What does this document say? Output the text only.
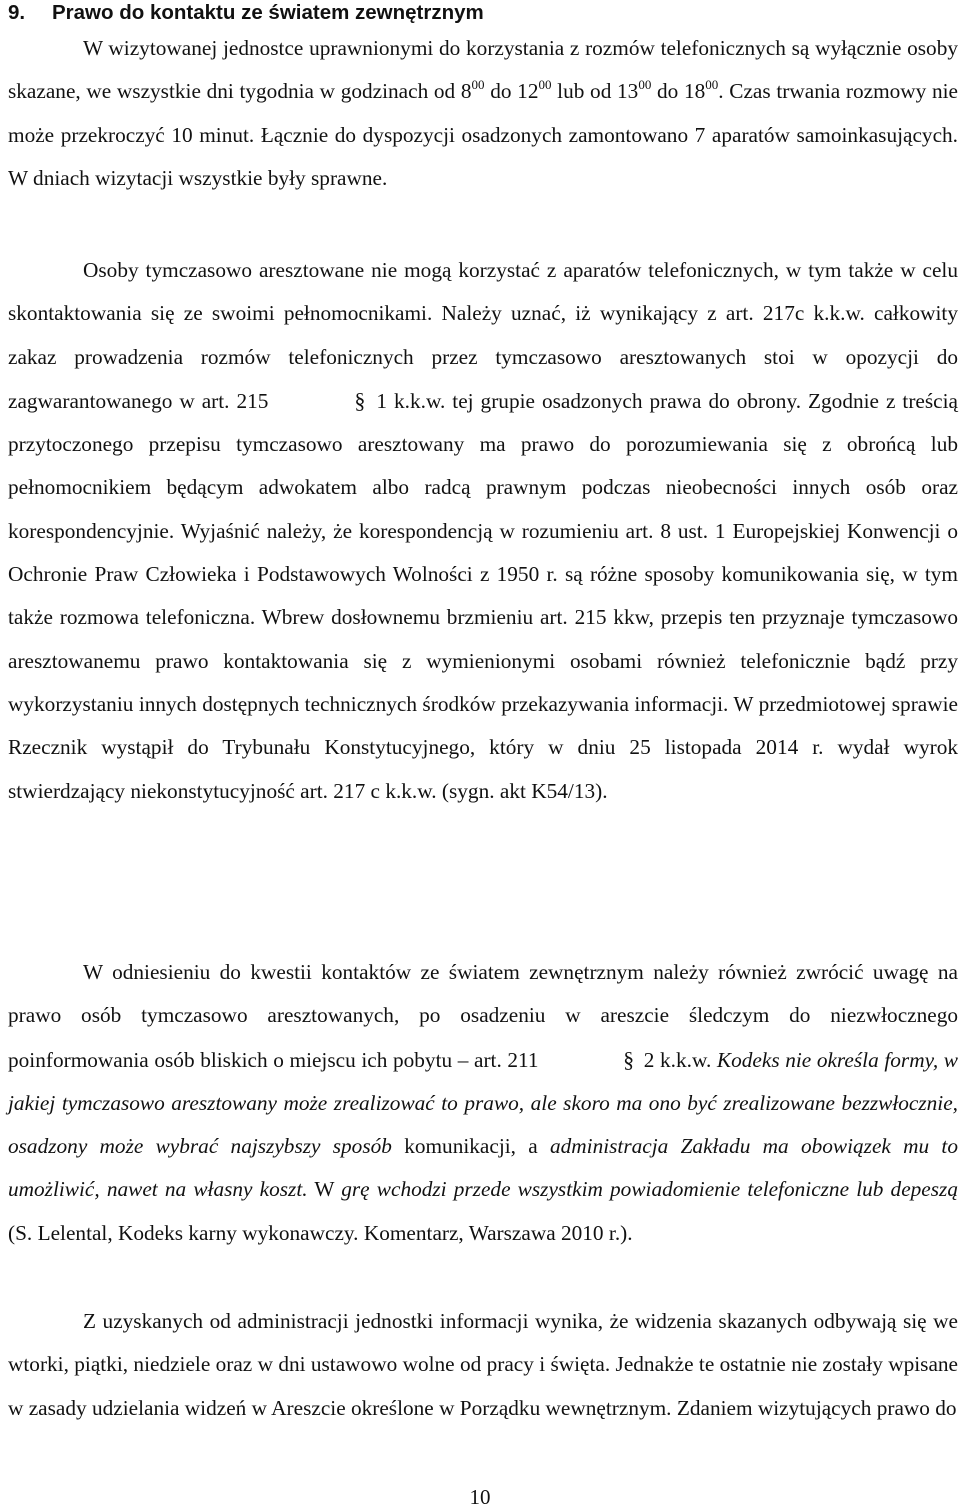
9. Prawo do kontaktu ze światem zewnętrznym

W wizytowanej jednostce uprawnionymi do korzystania z rozmów telefonicznych są wyłącznie osoby skazane, we wszystkie dni tygodnia w godzinach od $8^{00}$ do $12^{00}$ lub od $13^{00}$ do $18^{00}$. Czas trwania rozmowy nie może przekroczyć 10 minut. Łącznie do dyspozycji osadzonych zamontowano 7 aparatów samoinkasujących. W dniach wizytacji wszystkie były sprawne.

Osoby tymczasowo aresztowane nie mogą korzystać z aparatów telefonicznych, w tym także w celu skontaktowania się ze swoimi pełnomocnikami. Należy uznać, iż wynikający z art. 217c k.k.w. całkowity zakaz prowadzenia rozmów telefonicznych przez tymczasowo aresztowanych stoi w opozycji do zagwarantowanego w art. 215	§ 1 k.k.w. tej grupie osadzonych prawa do obrony. Zgodnie z treścią przytoczonego przepisu tymczasowo aresztowany ma prawo do porozumiewania się z obrońcą lub pełnomocnikiem będącym adwokatem albo radcą prawnym podczas nieobecności innych osób oraz korespondencyjnie. Wyjaśnić należy, że korespondencją w rozumieniu art. 8 ust. 1 Europejskiej Konwencji o Ochronie Praw Człowieka i Podstawowych Wolności z 1950 r. są różne sposoby komunikowania się, w tym także rozmowa telefoniczna. Wbrew dosłownemu brzmieniu art. 215 kkw, przepis ten przyznaje tymczasowo aresztowanemu prawo kontaktowania się z wymienionymi osobami również telefonicznie bądź przy wykorzystaniu innych dostępnych technicznych środków przekazywania informacji. W przedmiotowej sprawie Rzecznik wystąpił do Trybunału Konstytucyjnego, który w dniu 25 listopada 2014 r. wydał wyrok stwierdzający niekonstytucyjność art. 217 c k.k.w. (sygn. akt K54/13).

W odniesieniu do kwestii kontaktów ze światem zewnętrznym należy również zwrócić uwagę na prawo osób tymczasowo aresztowanych, po osadzeniu w areszcie śledczym do niezwłocznego poinformowania osób bliskich o miejscu ich pobytu – art. 211	§ 2 k.k.w. Kodeks nie określa formy, w jakiej tymczasowo aresztowany może zrealizować to prawo, ale skoro ma ono być zrealizowane bezzwłocznie, osadzony może wybrać najszybszy sposób komunikacji, a administracja Zakładu ma obowiązek mu to umożliwić, nawet na własny koszt. W grę wchodzi przede wszystkim powiadomienie telefoniczne lub depeszą (S. Lelental, Kodeks karny wykonawczy. Komentarz, Warszawa 2010 r.).

Z uzyskanych od administracji jednostki informacji wynika, że widzenia skazanych odbywają się we wtorki, piątki, niedziele oraz w dni ustawowo wolne od pracy i święta. Jednakże te ostatnie nie zostały wpisane w zasady udzielania widzeń w Areszcie określone w Porządku wewnętrznym. Zdaniem wizytujących prawo do

10
